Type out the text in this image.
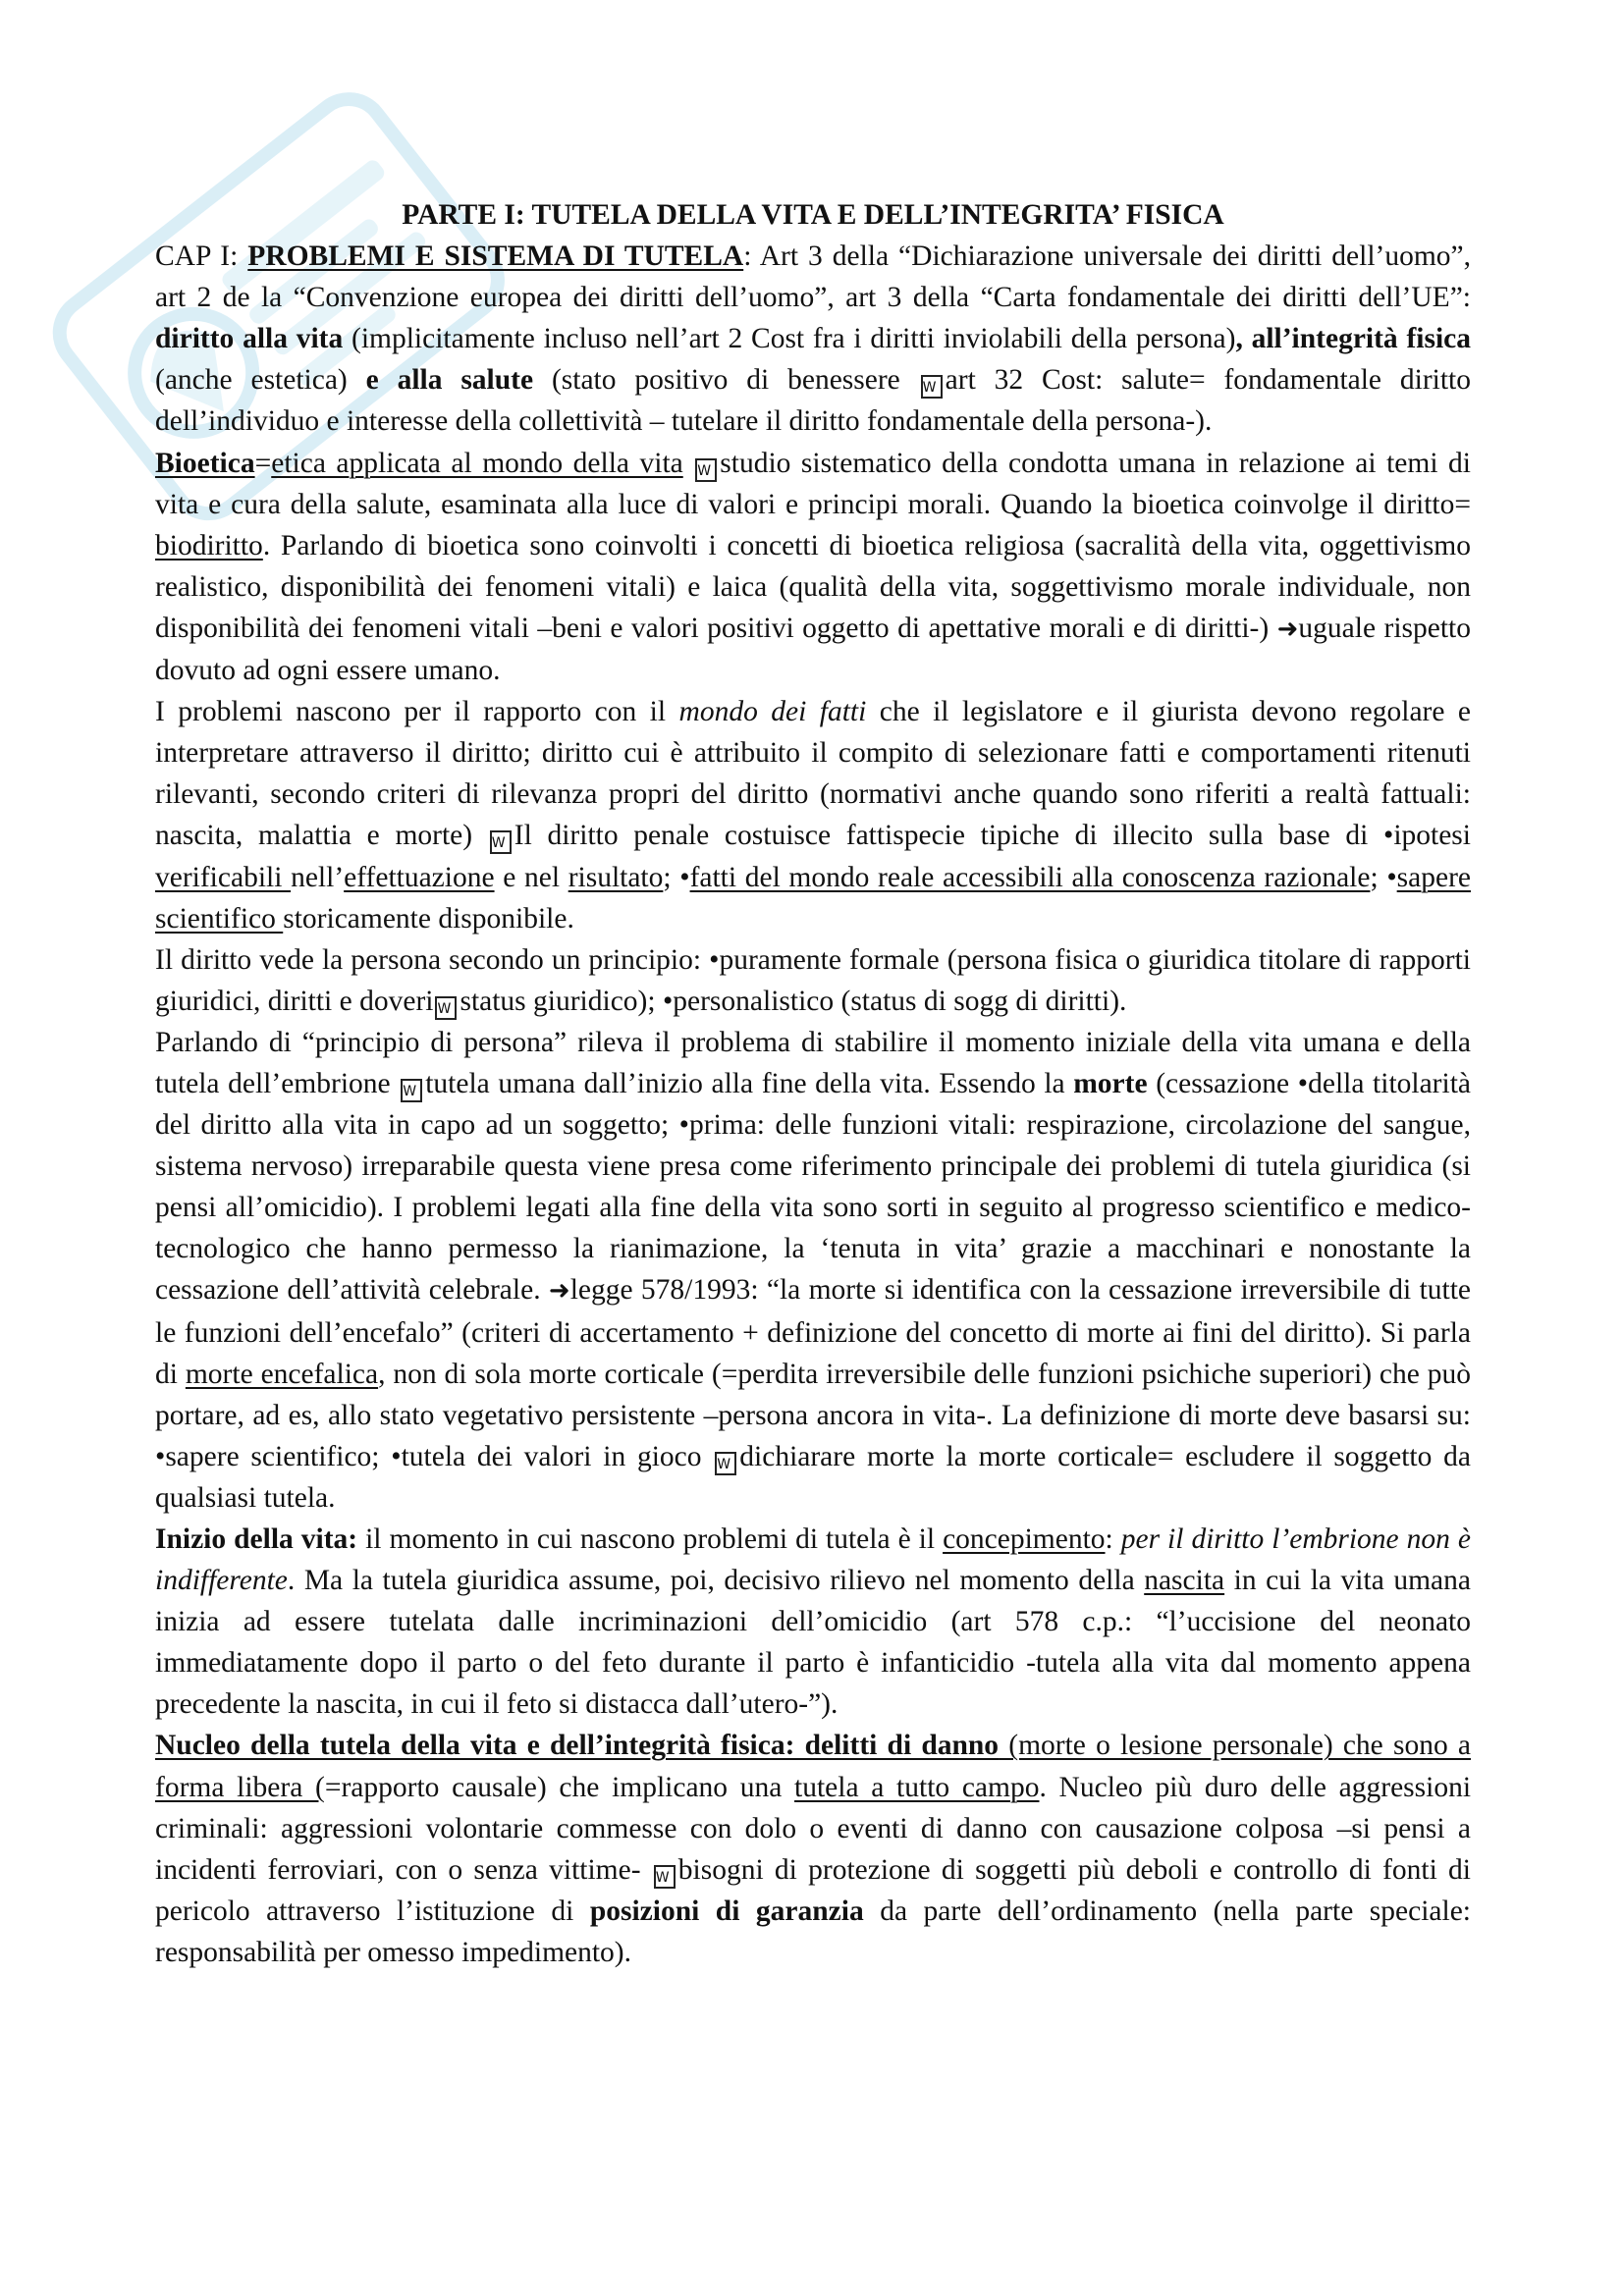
PARTE I: TUTELA DELLA VITA E DELL’INTEGRITA’ FISICA

CAP I: PROBLEMI E SISTEMA DI TUTELA: Art 3 della “Dichiarazione universale dei diritti dell’uomo”, art 2 de la “Convenzione europea dei diritti dell’uomo”, art 3 della “Carta fondamentale dei diritti dell’UE”: diritto alla vita (implicitamente incluso nell’art 2 Cost fra i diritti inviolabili della persona), all’integrità fisica (anche estetica) e alla salute (stato positivo di benessere W art 32 Cost: salute= fondamentale diritto dell’individuo e interesse della collettività – tutelare il diritto fondamentale della persona-).

Bioetica=etica applicata al mondo della vita W studio sistematico della condotta umana in relazione ai temi di vita e cura della salute, esaminata alla luce di valori e principi morali. Quando la bioetica coinvolge il diritto= biodiritto. Parlando di bioetica sono coinvolti i concetti di bioetica religiosa (sacralità della vita, oggettivismo realistico, disponibilità dei fenomeni vitali) e laica (qualità della vita, soggettivismo morale individuale, non disponibilità dei fenomeni vitali –beni e valori positivi oggetto di apettative morali e di diritti-) ➜uguale rispetto dovuto ad ogni essere umano.

I problemi nascono per il rapporto con il mondo dei fatti che il legislatore e il giurista devono regolare e interpretare attraverso il diritto; diritto cui è attribuito il compito di selezionare fatti e comportamenti ritenuti rilevanti, secondo criteri di rilevanza propri del diritto (normativi anche quando sono riferiti a realtà fattuali: nascita, malattia e morte) W Il diritto penale costuisce fattispecie tipiche di illecito sulla base di •ipotesi verificabili nell’effettuazione e nel risultato; •fatti del mondo reale accessibili alla conoscenza razionale; •sapere scientifico storicamente disponibile.

Il diritto vede la persona secondo un principio: •puramente formale (persona fisica o giuridica titolare di rapporti giuridici, diritti e doveri W status giuridico); •personalistico (status di sogg di diritti).

Parlando di “principio di persona” rileva il problema di stabilire il momento iniziale della vita umana e della tutela dell’embrione W tutela umana dall’inizio alla fine della vita. Essendo la morte (cessazione •della titolarità del diritto alla vita in capo ad un soggetto; •prima: delle funzioni vitali: respirazione, circolazione del sangue, sistema nervoso) irreparabile questa viene presa come riferimento principale dei problemi di tutela giuridica (si pensi all’omicidio). I problemi legati alla fine della vita sono sorti in seguito al progresso scientifico e medico-tecnologico che hanno permesso la rianimazione, la ‘tenuta in vita’ grazie a macchinari e nonostante la cessazione dell’attività celebrale. ➜legge 578/1993: “la morte si identifica con la cessazione irreversibile di tutte le funzioni dell’encefalo” (criteri di accertamento + definizione del concetto di morte ai fini del diritto). Si parla di morte encefalica, non di sola morte corticale (=perdita irreversibile delle funzioni psichiche superiori) che può portare, ad es, allo stato vegetativo persistente –persona ancora in vita-. La definizione di morte deve basarsi su: •sapere scientifico; •tutela dei valori in gioco W dichiarare morte la morte corticale= escludere il soggetto da qualsiasi tutela.

Inizio della vita: il momento in cui nascono problemi di tutela è il concepimento: per il diritto l’embrione non è indifferente. Ma la tutela giuridica assume, poi, decisivo rilievo nel momento della nascita in cui la vita umana inizia ad essere tutelata dalle incriminazioni dell’omicidio (art 578 c.p.: “l’uccisione del neonato immediatamente dopo il parto o del feto durante il parto è infanticidio -tutela alla vita dal momento appena precedente la nascita, in cui il feto si distacca dall’utero-”).

Nucleo della tutela della vita e dell’integrità fisica: delitti di danno (morte o lesione personale) che sono a forma libera (=rapporto causale) che implicano una tutela a tutto campo. Nucleo più duro delle aggressioni criminali: aggressioni volontarie commesse con dolo o eventi di danno con causazione colposa –si pensi a incidenti ferroviari, con o senza vittime- W bisogni di protezione di soggetti più deboli e controllo di fonti di pericolo attraverso l’istituzione di posizioni di garanzia da parte dell’ordinamento (nella parte speciale: responsabilità per omesso impedimento).
